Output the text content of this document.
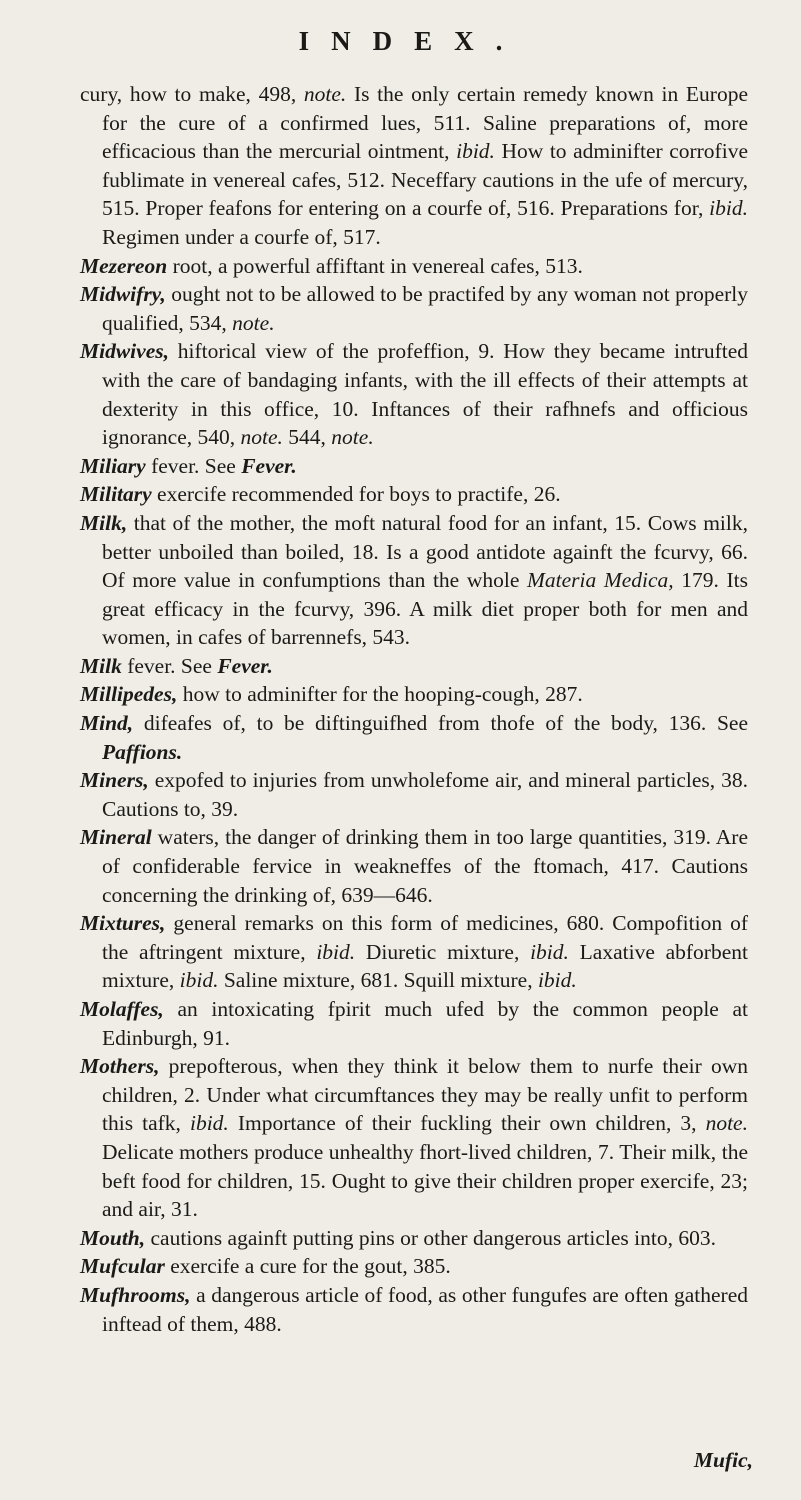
INDEX.

cury, how to make, 498, note. Is the only certain remedy known in Europe for the cure of a confirmed lues, 511. Saline preparations of, more efficacious than the mercurial ointment, ibid. How to adminifter corrofive fublimate in venereal cafes, 512. Neceffary cautions in the ufe of mercury, 515. Proper feafons for entering on a courfe of, 516. Preparations for, ibid. Regimen under a courfe of, 517.

Mezereon root, a powerful affiftant in venereal cafes, 513.

Midwifry, ought not to be allowed to be practifed by any woman not properly qualified, 534, note.

Midwives, hiftorical view of the profeffion, 9. How they became intrufted with the care of bandaging infants, with the ill effects of their attempts at dexterity in this office, 10. Inftances of their rafhnefs and officious ignorance, 540, note. 544, note.

Miliary fever. See Fever.

Military exercife recommended for boys to practife, 26.

Milk, that of the mother, the moft natural food for an infant, 15. Cows milk, better unboiled than boiled, 18. Is a good antidote againft the fcurvy, 66. Of more value in confumptions than the whole Materia Medica, 179. Its great efficacy in the fcurvy, 396. A milk diet proper both for men and women, in cafes of barrennefs, 543.

Milk fever. See Fever.

Millipedes, how to adminifter for the hooping-cough, 287.

Mind, difeafes of, to be diftinguifhed from thofe of the body, 136. See Paffions.

Miners, expofed to injuries from unwholefome air, and mineral particles, 38. Cautions to, 39.

Mineral waters, the danger of drinking them in too large quantities, 319. Are of confiderable fervice in weakneffes of the ftomach, 417. Cautions concerning the drinking of, 639—646.

Mixtures, general remarks on this form of medicines, 680. Compofition of the aftringent mixture, ibid. Diuretic mixture, ibid. Laxative abforbent mixture, ibid. Saline mixture, 681. Squill mixture, ibid.

Molaffes, an intoxicating fpirit much ufed by the common people at Edinburgh, 91.

Mothers, prepofterous, when they think it below them to nurfe their own children, 2. Under what circumftances they may be really unfit to perform this tafk, ibid. Importance of their fuckling their own children, 3, note. Delicate mothers produce unhealthy fhort-lived children, 7. Their milk, the beft food for children, 15. Ought to give their children proper exercife, 23; and air, 31.

Mouth, cautions againft putting pins or other dangerous articles into, 603.

Mufcular exercife a cure for the gout, 385.

Mufhrooms, a dangerous article of food, as other fungufes are often gathered inftead of them, 488.

Mufic,
